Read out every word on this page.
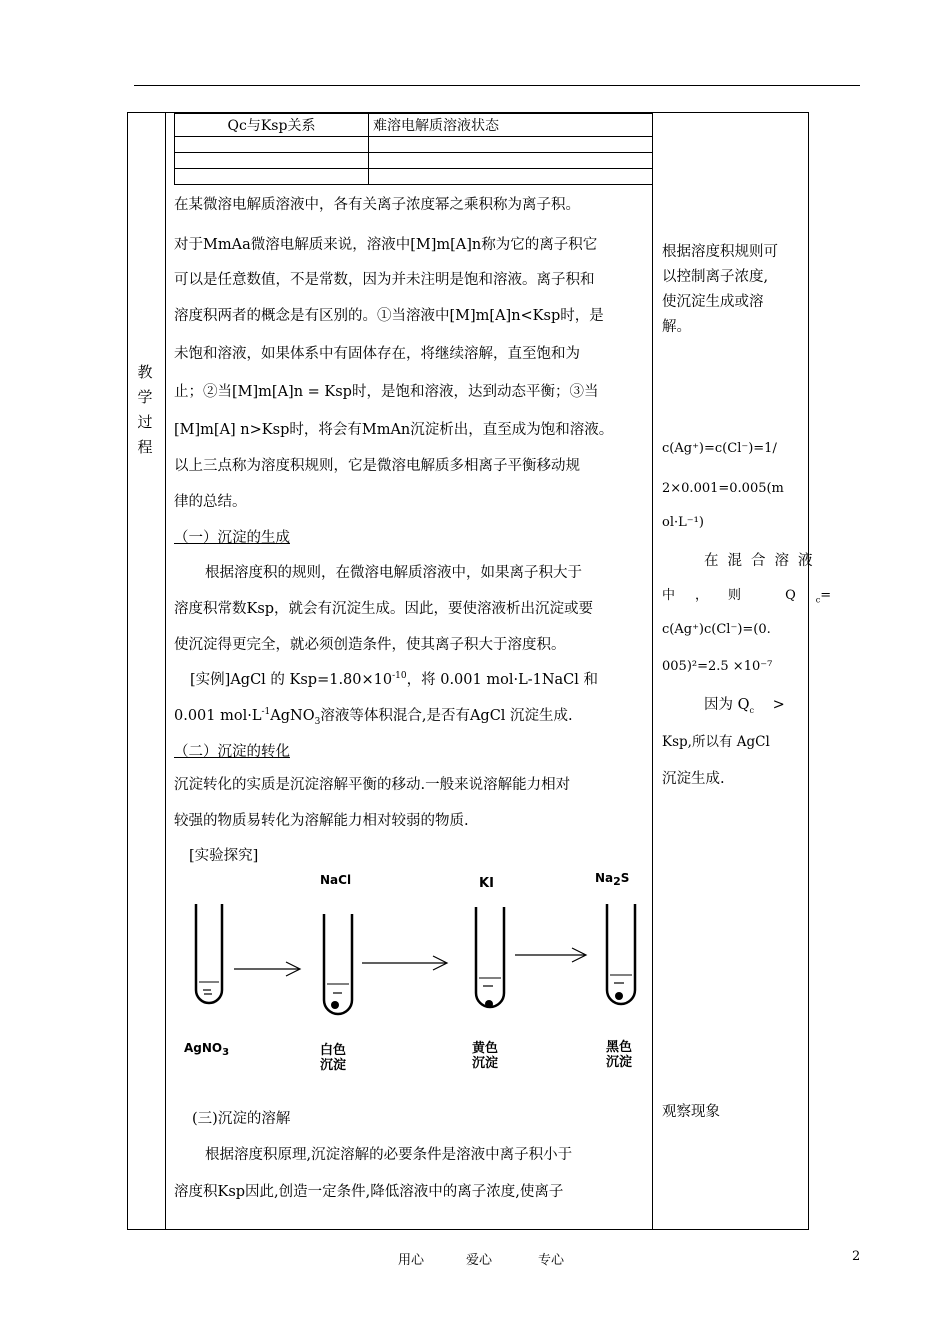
教
学
过
程
Qc与Ksp关系	难溶电解质溶液状态

在某微溶电解质溶液中，各有关离子浓度幂之乘积称为离子积。
对于MmAa微溶电解质来说，溶液中[M]m[A]n称为它的离子积它
可以是任意数值，不是常数，因为并未注明是饱和溶液。离子积和
溶度积两者的概念是有区别的。①当溶液中[M]m[A]n<Ksp时，是
未饱和溶液，如果体系中有固体存在，将继续溶解，直至饱和为
止；②当[M]m[A]n = Ksp时，是饱和溶液，达到动态平衡；③当
[M]m[A] n>Ksp时，将会有MmAn沉淀析出，直至成为饱和溶液。
以上三点称为溶度积规则，它是微溶电解质多相离子平衡移动规
律的总结。
（一）沉淀的生成
根据溶度积的规则，在微溶电解质溶液中，如果离子积大于
溶度积常数Ksp，就会有沉淀生成。因此，要使溶液析出沉淀或要
使沉淀得更完全，就必须创造条件，使其离子积大于溶度积。
[实例]AgCl 的 $Ksp=1.80\times 10^{-10}$，将 0.001 mol·L-1NaCl 和
0.001 $mol\cdot L^{-1}AgNO_3$溶液等体积混合,是否有AgCl 沉淀生成.
（二）沉淀的转化
沉淀转化的实质是沉淀溶解平衡的移动.一般来说溶解能力相对
较强的物质易转化为溶解能力相对较弱的物质.
[实验探究]
AgNO$_3$
NaCl
白色
沉淀
KI
黄色
沉淀
Na2S
黑色
沉淀
(三)沉淀的溶解
根据溶度积原理,沉淀溶解的必要条件是溶液中离子积小于
溶度积Ksp因此,创造一定条件,降低溶液中的离子浓度,使离子
根据溶度积规则可
以控制离子浓度,
使沉淀生成或溶
解。
c(Ag⁺)=c(Cl⁻)=1/
2×0.001=0.005(m
ol·L⁻¹)
在混合溶液
中，则 $Q_c=$
c(Ag⁺)c(Cl⁻)=(0.
005)²=2.5 ×10⁻⁷
因为 $Q_c$ >
Ksp,所以有 AgCl
沉淀生成.
观察现象
用心	爱心	专心	2
